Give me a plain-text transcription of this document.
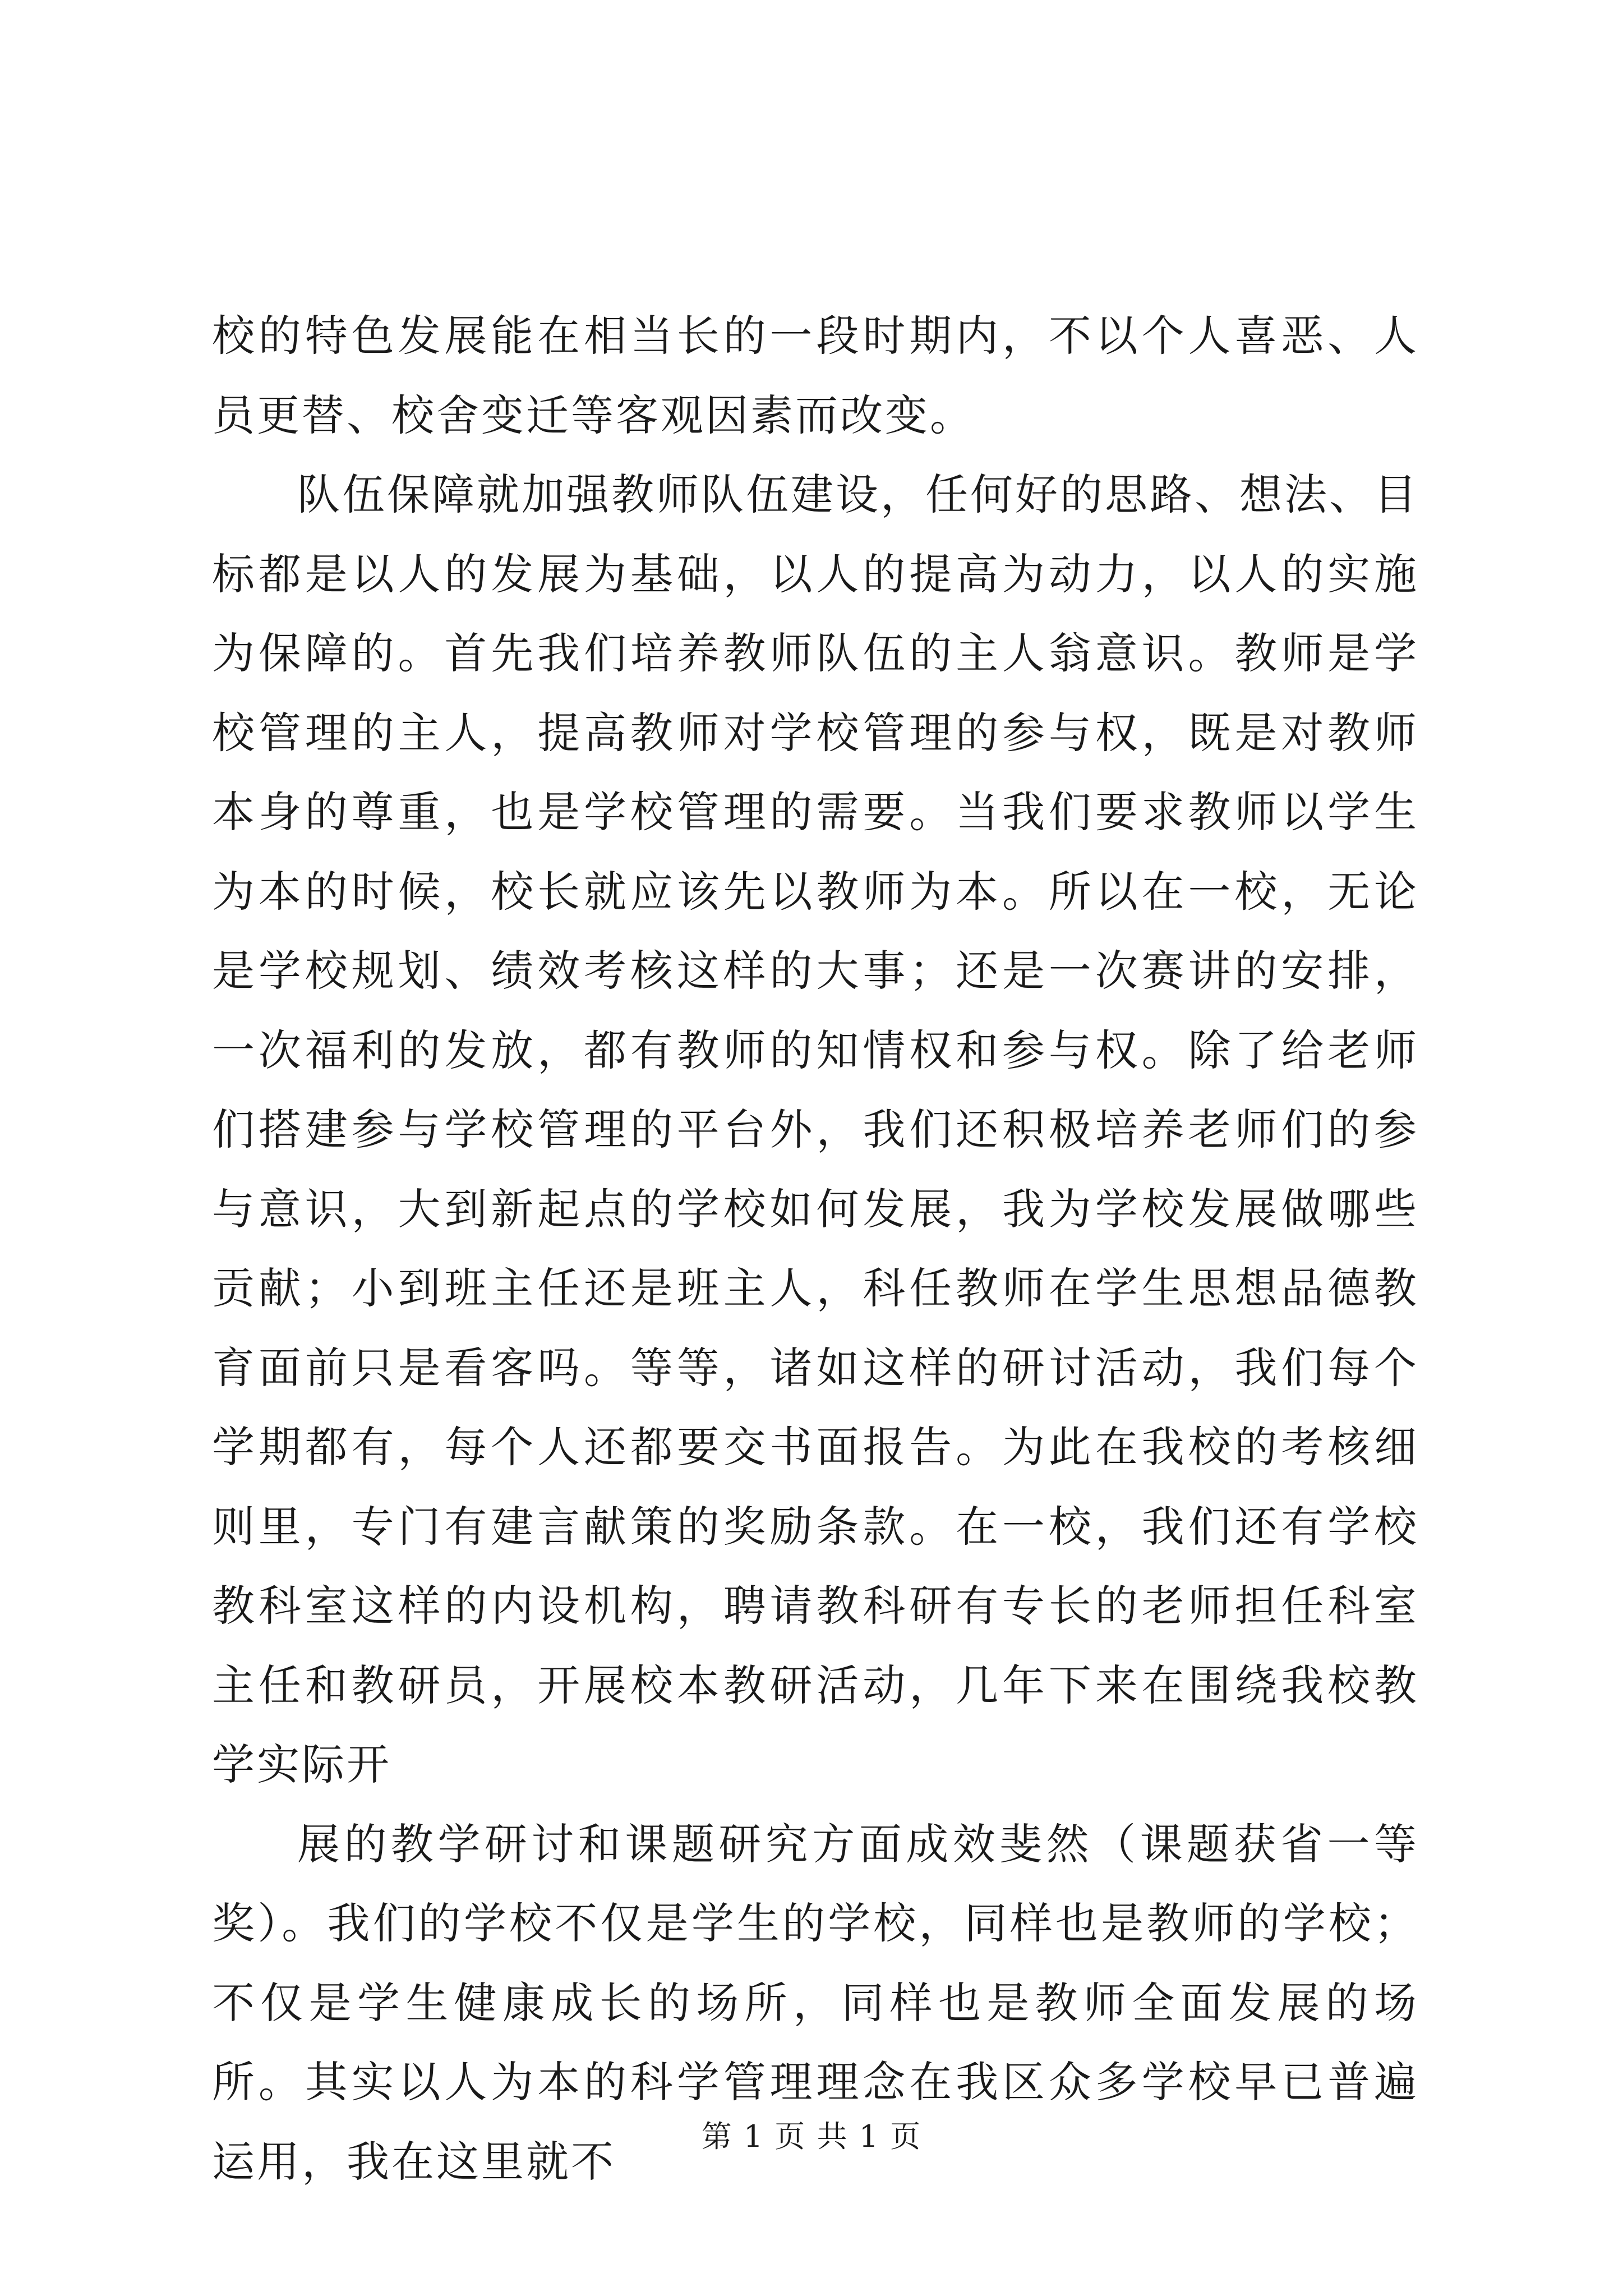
校的特色发展能在相当长的一段时期内，不以个人喜恶、人员更替、校舍变迁等客观因素而改变。

队伍保障就加强教师队伍建设，任何好的思路、想法、目标都是以人的发展为基础，以人的提高为动力，以人的实施为保障的。首先我们培养教师队伍的主人翁意识。教师是学校管理的主人，提高教师对学校管理的参与权，既是对教师本身的尊重，也是学校管理的需要。当我们要求教师以学生为本的时候，校长就应该先以教师为本。所以在一校，无论是学校规划、绩效考核这样的大事；还是一次赛讲的安排，一次福利的发放，都有教师的知情权和参与权。除了给老师们搭建参与学校管理的平台外，我们还积极培养老师们的参与意识，大到新起点的学校如何发展，我为学校发展做哪些贡献；小到班主任还是班主人，科任教师在学生思想品德教育面前只是看客吗。等等，诸如这样的研讨活动，我们每个学期都有，每个人还都要交书面报告。为此在我校的考核细则里，专门有建言献策的奖励条款。在一校，我们还有学校教科室这样的内设机构，聘请教科研有专长的老师担任科室主任和教研员，开展校本教研活动，几年下来在围绕我校教学实际开

展的教学研讨和课题研究方面成效斐然（课题获省一等奖）。我们的学校不仅是学生的学校，同样也是教师的学校；不仅是学生健康成长的场所，同样也是教师全面发展的场所。其实以人为本的科学管理理念在我区众多学校早已普遍运用，我在这里就不	第 1 页 共 1 页
